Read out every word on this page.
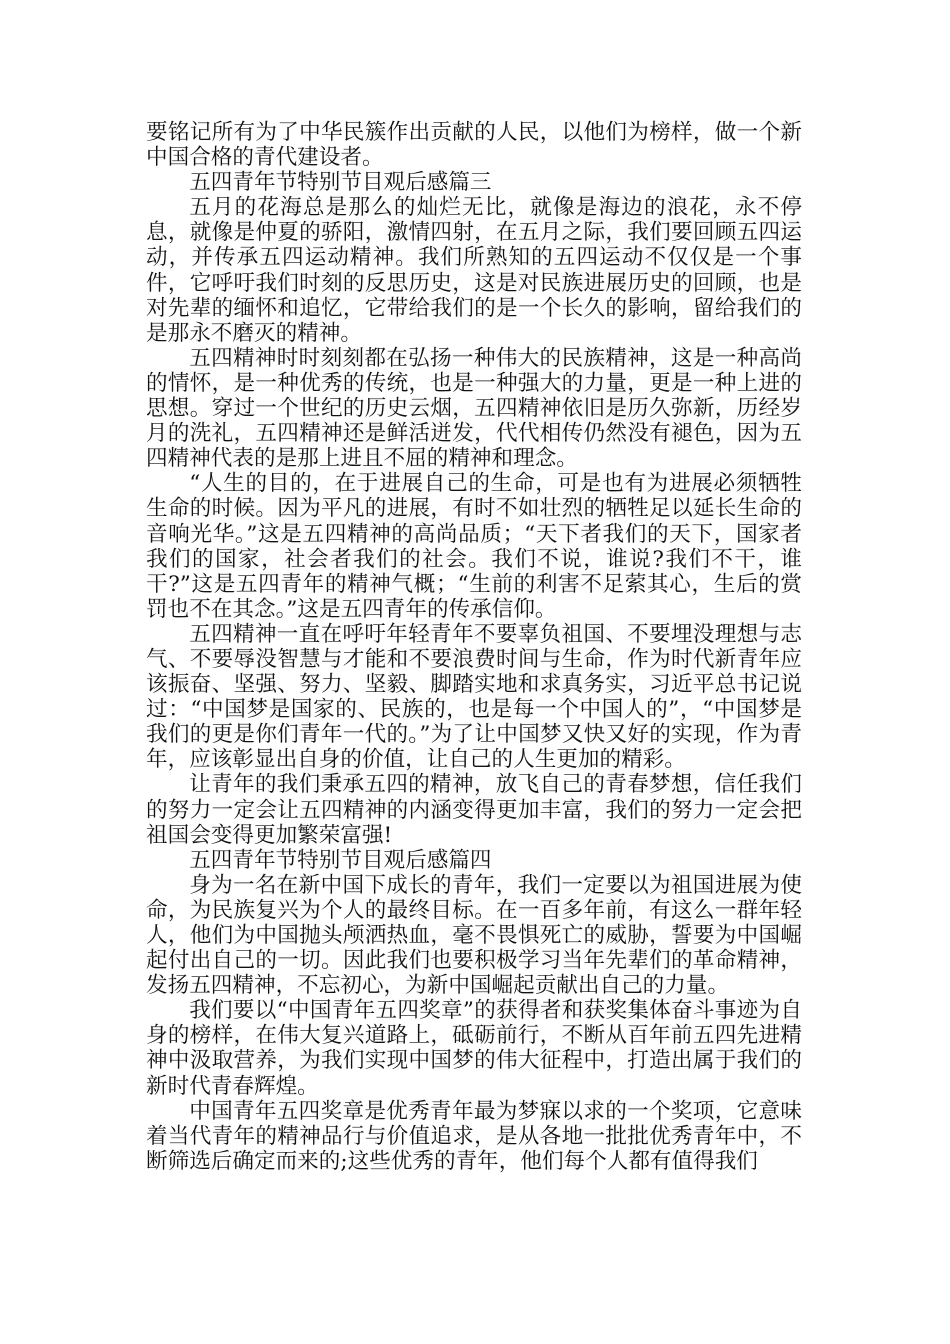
要铭记所有为了中华民簇作出贡献的人民，以他们为榜样，做一个新中国合格的青代建设者。

五四青年节特别节目观后感篇三

五月的花海总是那么的灿烂无比，就像是海边的浪花，永不停息，就像是仲夏的骄阳，激情四射，在五月之际，我们要回顾五四运动，并传承五四运动精神。我们所熟知的五四运动不仅仅是一个事件，它呼吁我们时刻的反思历史，这是对民族进展历史的回顾，也是对先辈的缅怀和追忆，它带给我们的是一个长久的影响，留给我们的是那永不磨灭的精神。

五四精神时时刻刻都在弘扬一种伟大的民族精神，这是一种高尚的情怀，是一种优秀的传统，也是一种强大的力量，更是一种上进的思想。穿过一个世纪的历史云烟，五四精神依旧是历久弥新，历经岁月的洗礼，五四精神还是鲜活迸发，代代相传仍然没有褪色，因为五四精神代表的是那上进且不屈的精神和理念。

“人生的目的，在于进展自己的生命，可是也有为进展必须牺牲生命的时候。因为平凡的进展，有时不如壮烈的牺牲足以延长生命的音响光华。”这是五四精神的高尚品质；“天下者我们的天下，国家者我们的国家，社会者我们的社会。我们不说，谁说?我们不干，谁干?”这是五四青年的精神气概；“生前的利害不足萦其心，生后的赏罚也不在其念。”这是五四青年的传承信仰。

五四精神一直在呼吁年轻青年不要辜负祖国、不要埋没理想与志气、不要辱没智慧与才能和不要浪费时间与生命，作为时代新青年应该振奋、坚强、努力、坚毅、脚踏实地和求真务实，习近平总书记说过：“中国梦是国家的、民族的，也是每一个中国人的”，“中国梦是我们的更是你们青年一代的。”为了让中国梦又快又好的实现，作为青年，应该彰显出自身的价值，让自己的人生更加的精彩。

让青年的我们秉承五四的精神，放飞自己的青春梦想，信任我们的努力一定会让五四精神的内涵变得更加丰富，我们的努力一定会把祖国会变得更加繁荣富强!

五四青年节特别节目观后感篇四

身为一名在新中国下成长的青年，我们一定要以为祖国进展为使命，为民族复兴为个人的最终目标。在一百多年前，有这么一群年轻人，他们为中国抛头颅洒热血，毫不畏惧死亡的威胁，誓要为中国崛起付出自己的一切。因此我们也要积极学习当年先辈们的革命精神，发扬五四精神，不忘初心，为新中国崛起贡献出自己的力量。

我们要以“中国青年五四奖章”的获得者和获奖集体奋斗事迹为自身的榜样，在伟大复兴道路上，砥砺前行，不断从百年前五四先进精神中汲取营养，为我们实现中国梦的伟大征程中，打造出属于我们的新时代青春辉煌。

中国青年五四奖章是优秀青年最为梦寐以求的一个奖项，它意味着当代青年的精神品行与价值追求，是从各地一批批优秀青年中，不断筛选后确定而来的;这些优秀的青年，他们每个人都有值得我们
